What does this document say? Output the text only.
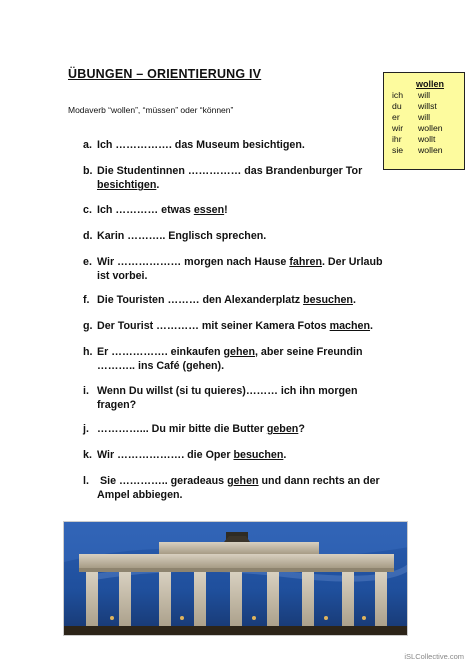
ÜBUNGEN – ORIENTIERUNG IV
Modaverb “wollen”, “müssen” oder “können”
wollen
ich	will
du	willst
er	will
wir	wollen
ihr	wollt
sie	wollen
a. Ich ……………. das Museum besichtigen.
b. Die Studentinnen …………… das Brandenburger Tor
besichtigen.
c. Ich ………… etwas essen!
d. Karin ……….. Englisch sprechen.
e. Wir ……………… morgen nach Hause fahren. Der Urlaub
ist vorbei.
f. Die Touristen ……… den Alexanderplatz besuchen.
g. Der Tourist ………… mit seiner Kamera Fotos machen.
h. Er ……………. einkaufen gehen, aber seine Freundin
……….. ins Café (gehen).
i. Wenn Du willst (si tu quieres)……… ich ihn morgen
fragen?
j. …………... Du mir bitte die Butter geben?
k. Wir ………………. die Oper besuchen.
l. Sie ………….. geradeaus gehen und dann rechts an der
Ampel abbiegen.
iSLCollective.com
